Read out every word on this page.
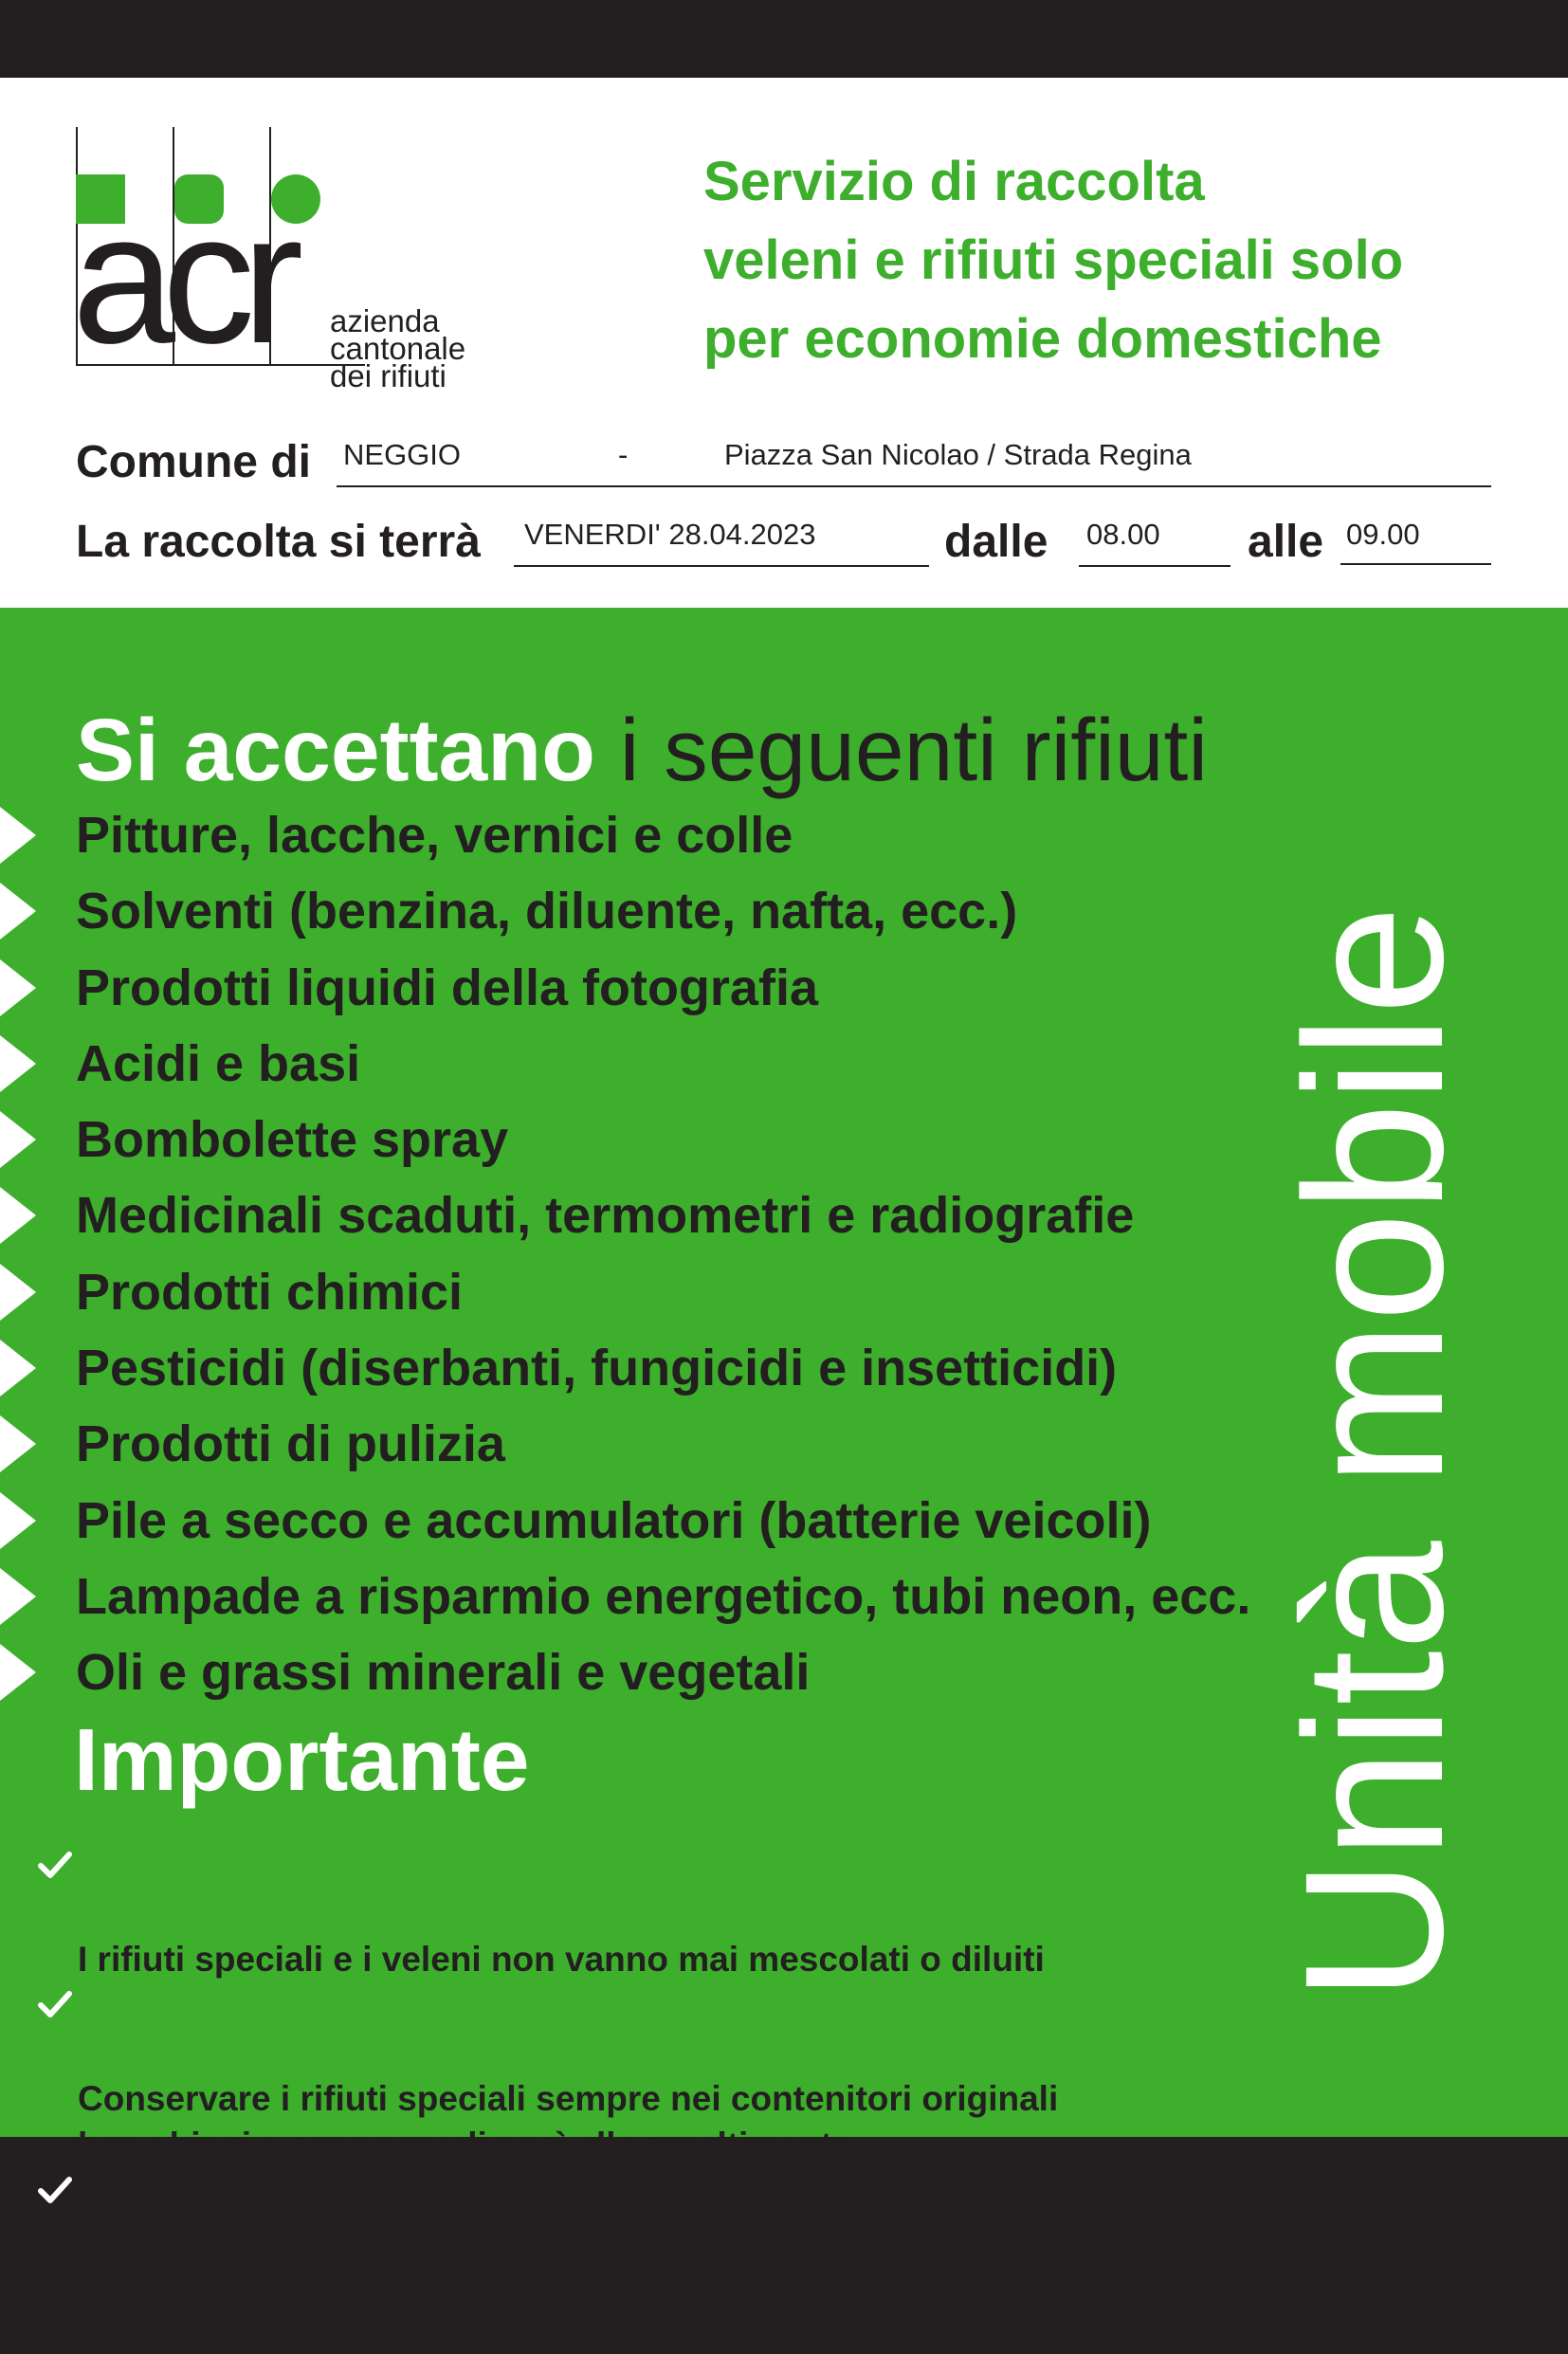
acr azienda
cantonale
dei rifiuti
Servizio di raccolta
veleni e rifiuti speciali solo
per economie domestiche
Comune di NEGGIO	-	Piazza San Nicolao / Strada Regina
La raccolta si terrà VENERDI' 28.04.2023	dalle 08.00 alle 09.00
Si accettano i seguenti rifiuti
Pitture, lacche, vernici e colle
Solventi (benzina, diluente, nafta, ecc.)
Prodotti liquidi della fotografia
Acidi e basi
Bombolette spray
Medicinali scaduti, termometri e radiografie
Prodotti chimici
Pesticidi (diserbanti, fungicidi e insetticidi)
Prodotti di pulizia
Pile a secco e accumulatori (batterie veicoli)
Lampade a risparmio energetico, tubi neon, ecc.
Oli e grassi minerali e vegetali
Importante

I rifiuti speciali e i veleni non vanno mai mescolati o diluiti

Conservare i rifiuti speciali sempre nei contenitori originali
ben chiusi e consegnarli così allo smaltimento

Non si accettano recipienti danneggiati o che perdono,
come pure siringhe, oggetti taglienti e appuntiti non imballati

Unità mobile
